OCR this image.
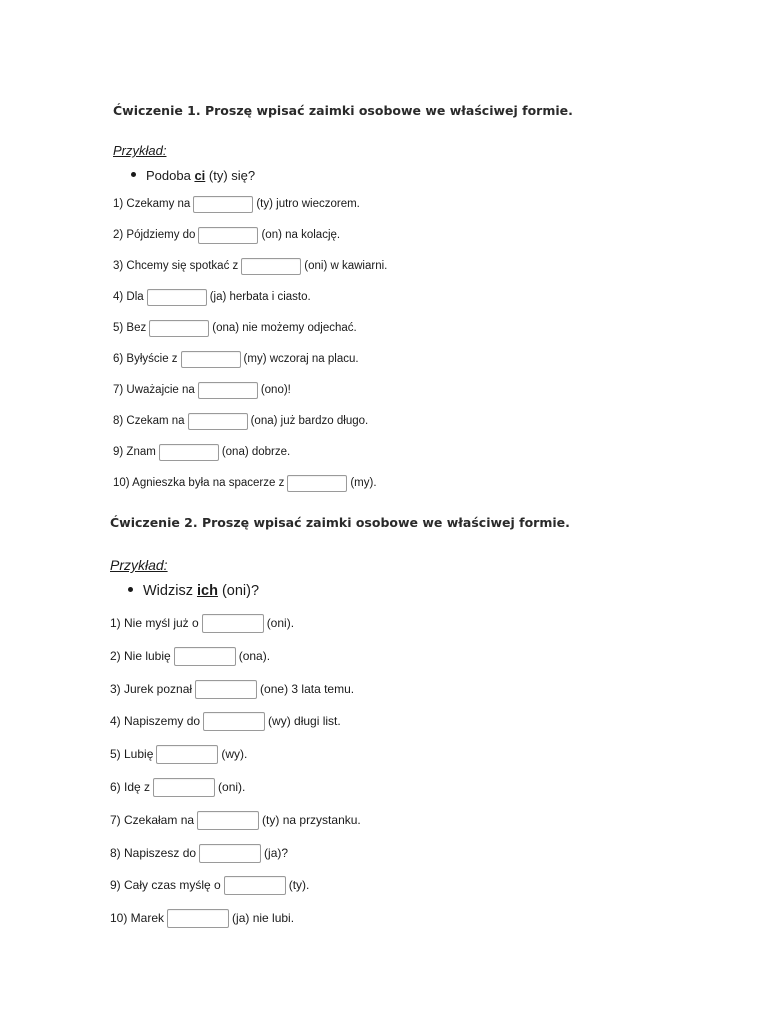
Ćwiczenie 1. Proszę wpisać zaimki osobowe we właściwej formie.
Przykład:
Podoba ci (ty) się?
1) Czekamy na	(ty) jutro wieczorem.
2) Pójdziemy do	(on) na kolację.
3) Chcemy się spotkać z	(oni) w kawiarni.
4) Dla	(ja) herbata i ciasto.
5) Bez	(ona) nie możemy odjechać.
6) Byłyście z	(my) wczoraj na placu.
7) Uważajcie na	(ono)!
8) Czekam na	(ona) już bardzo długo.
9) Znam	(ona) dobrze.
10) Agnieszka była na spacerze z	(my).
Ćwiczenie 2. Proszę wpisać zaimki osobowe we właściwej formie.
Przykład:
Widzisz ich (oni)?
1) Nie myśl już o	(oni).
2) Nie lubię	(ona).
3) Jurek poznał	(one) 3 lata temu.
4) Napiszemy do	(wy) długi list.
5) Lubię	(wy).
6) Idę z	(oni).
7) Czekałam na	(ty) na przystanku.
8) Napiszesz do	(ja)?
9) Cały czas myślę o	(ty).
10) Marek	(ja) nie lubi.
